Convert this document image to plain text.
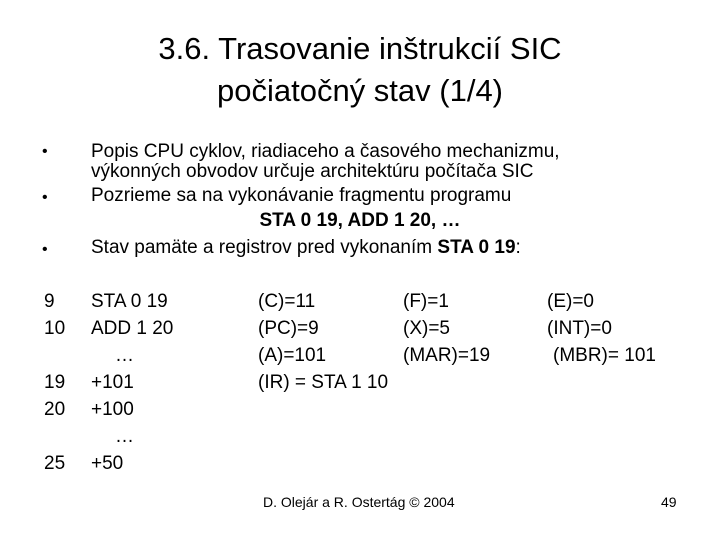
3.6. Trasovanie inštrukcií SIC
počiatočný stav (1/4)
• Popis CPU cyklov, riadiaceho a časového mechanizmu,
výkonných obvodov určuje architektúru počítača SIC
• Pozrieme sa na vykonávanie fragmentu programu
STA 0 19, ADD 1 20, …
• Stav pamäte a registrov pred vykonaním STA 0 19:
9
10

19
20

25
STA 0 19
ADD 1 20
…
+101
+100
…
+50
(C)=11
(PC)=9
(A)=101
(IR) = STA 1 10
(F)=1
(X)=5
(MAR)=19
(E)=0
(INT)=0
(MBR)= 101
D. Olejár a R. Ostertág © 2004	49
